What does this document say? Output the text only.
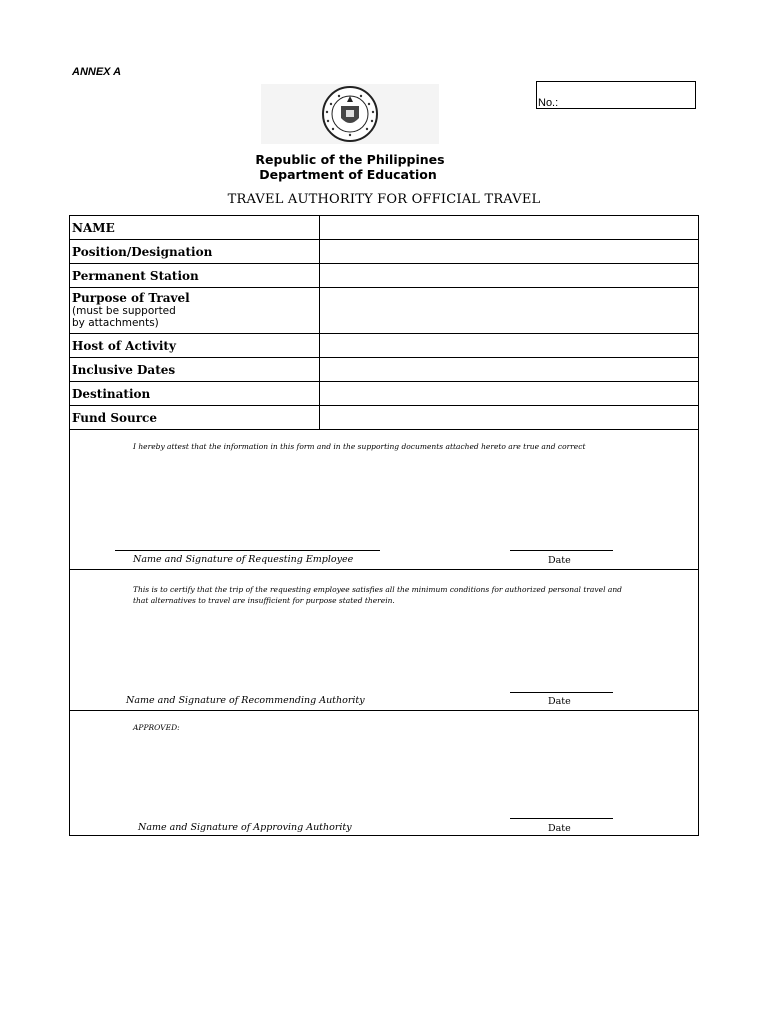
ANNEX A
No.:
Republic of the Philippines
Department of Education
TRAVEL AUTHORITY FOR OFFICIAL TRAVEL
NAME	
Position/Designation	
Permanent Station	

Purpose of Travel
(must be supported
by attachments)	

Host of Activity	
Inclusive Dates	
Destination	
Fund Source	
I hereby attest that the information in this form and in the supporting documents attached hereto are true and correct
Name and Signature of Requesting Employee	Date
This is to certify that the trip of the requesting employee satisfies all the minimum conditions for authorized personal travel and
that alternatives to travel are insufficient for purpose stated therein.
Name and Signature of Recommending Authority	Date
APPROVED:
Name and Signature of Approving Authority	Date
